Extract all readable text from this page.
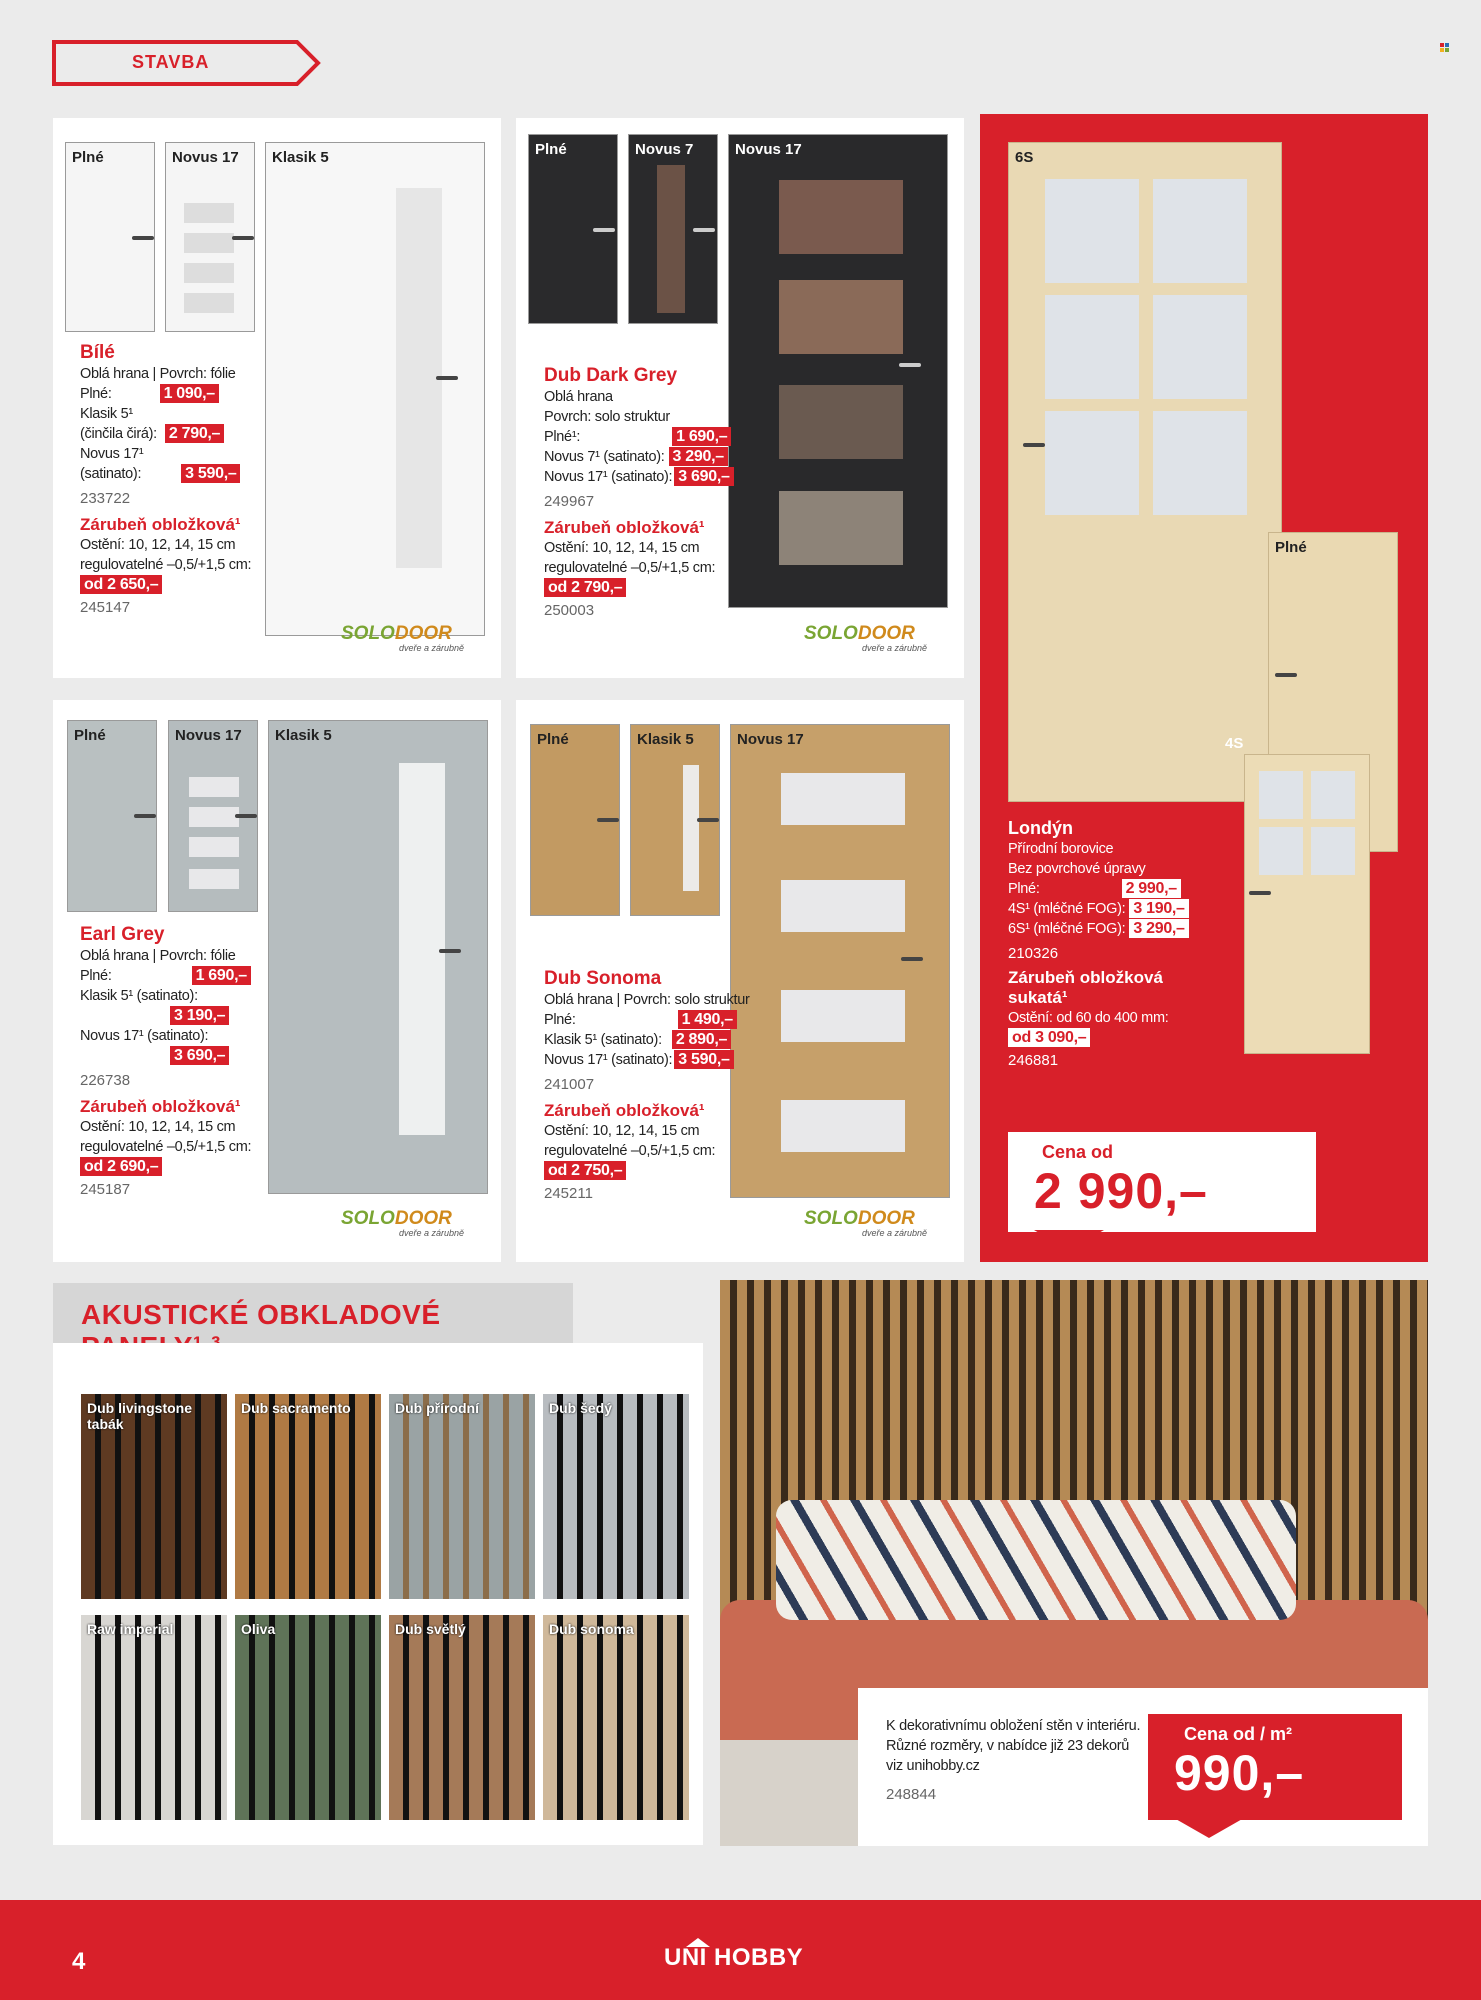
STAVBA
Plné	Novus 17 Klasik 5
Bílé
Oblá hrana | Povrch: fólie
Plné:	1 090,–
Klasik 5¹
(činčila čirá): 2 790,–
Novus 17¹
(satinato):	3 590,–
233722
Zárubeň obložková¹
Ostění: 10, 12, 14, 15 cm
regulovatelné –0,5/+1,5 cm:
od 2 650,–
245147
SOLODOOR
dveře a zárubně
Plné	Novus 7	Novus 17
Dub Dark Grey
Oblá hrana
Povrch: solo struktur
Plné¹:	1 690,–
Novus 7¹ (satinato): 3 290,–
Novus 17¹ (satinato): 3 690,–
249967
Zárubeň obložková¹
Ostění: 10, 12, 14, 15 cm
regulovatelné –0,5/+1,5 cm:
od 2 790,–
250003
SOLODOOR
dveře a zárubně
Plné	Novus 17 Klasik 5
Earl Grey
Oblá hrana | Povrch: fólie
Plné:	1 690,–
Klasik 5¹ (satinato):
3 190,–
Novus 17¹ (satinato):
3 690,–
226738
Zárubeň obložková¹
Ostění: 10, 12, 14, 15 cm
regulovatelné –0,5/+1,5 cm:
od 2 690,–
245187
SOLODOOR
dveře a zárubně
Plné	Klasik 5	Novus 17
Dub Sonoma
Oblá hrana | Povrch: solo struktur
Plné:	1 490,–
Klasik 5¹ (satinato): 2 890,–
Novus 17¹ (satinato): 3 590,–
241007
Zárubeň obložková¹
Ostění: 10, 12, 14, 15 cm
regulovatelné –0,5/+1,5 cm:
od 2 750,–
245211
SOLODOOR
dveře a zárubně
6S
Plné
4S
Londýn
Přírodní borovice
Bez povrchové úpravy
Plné:	2 990,–
4S¹ (mléčné FOG): 3 190,–
6S¹ (mléčné FOG): 3 290,–
210326
Zárubeň obložková
sukatá¹
Ostění: od 60 do 400 mm:
od 3 090,–
246881
Cena od
2 990,–
AKUSTICKÉ OBKLADOVÉ
Dub livingstone tabák
Dub sacramento	Dub přírodní	Dub šedý
Raw imperial	Oliva	Dub světlý	Dub sonoma
K dekorativnímu obložení stěn v interiéru.
Různé rozměry, v nabídce již 23 dekorů
viz unihobby.cz
248844
Cena od / m²
990,–
4	UNI HOBBY
